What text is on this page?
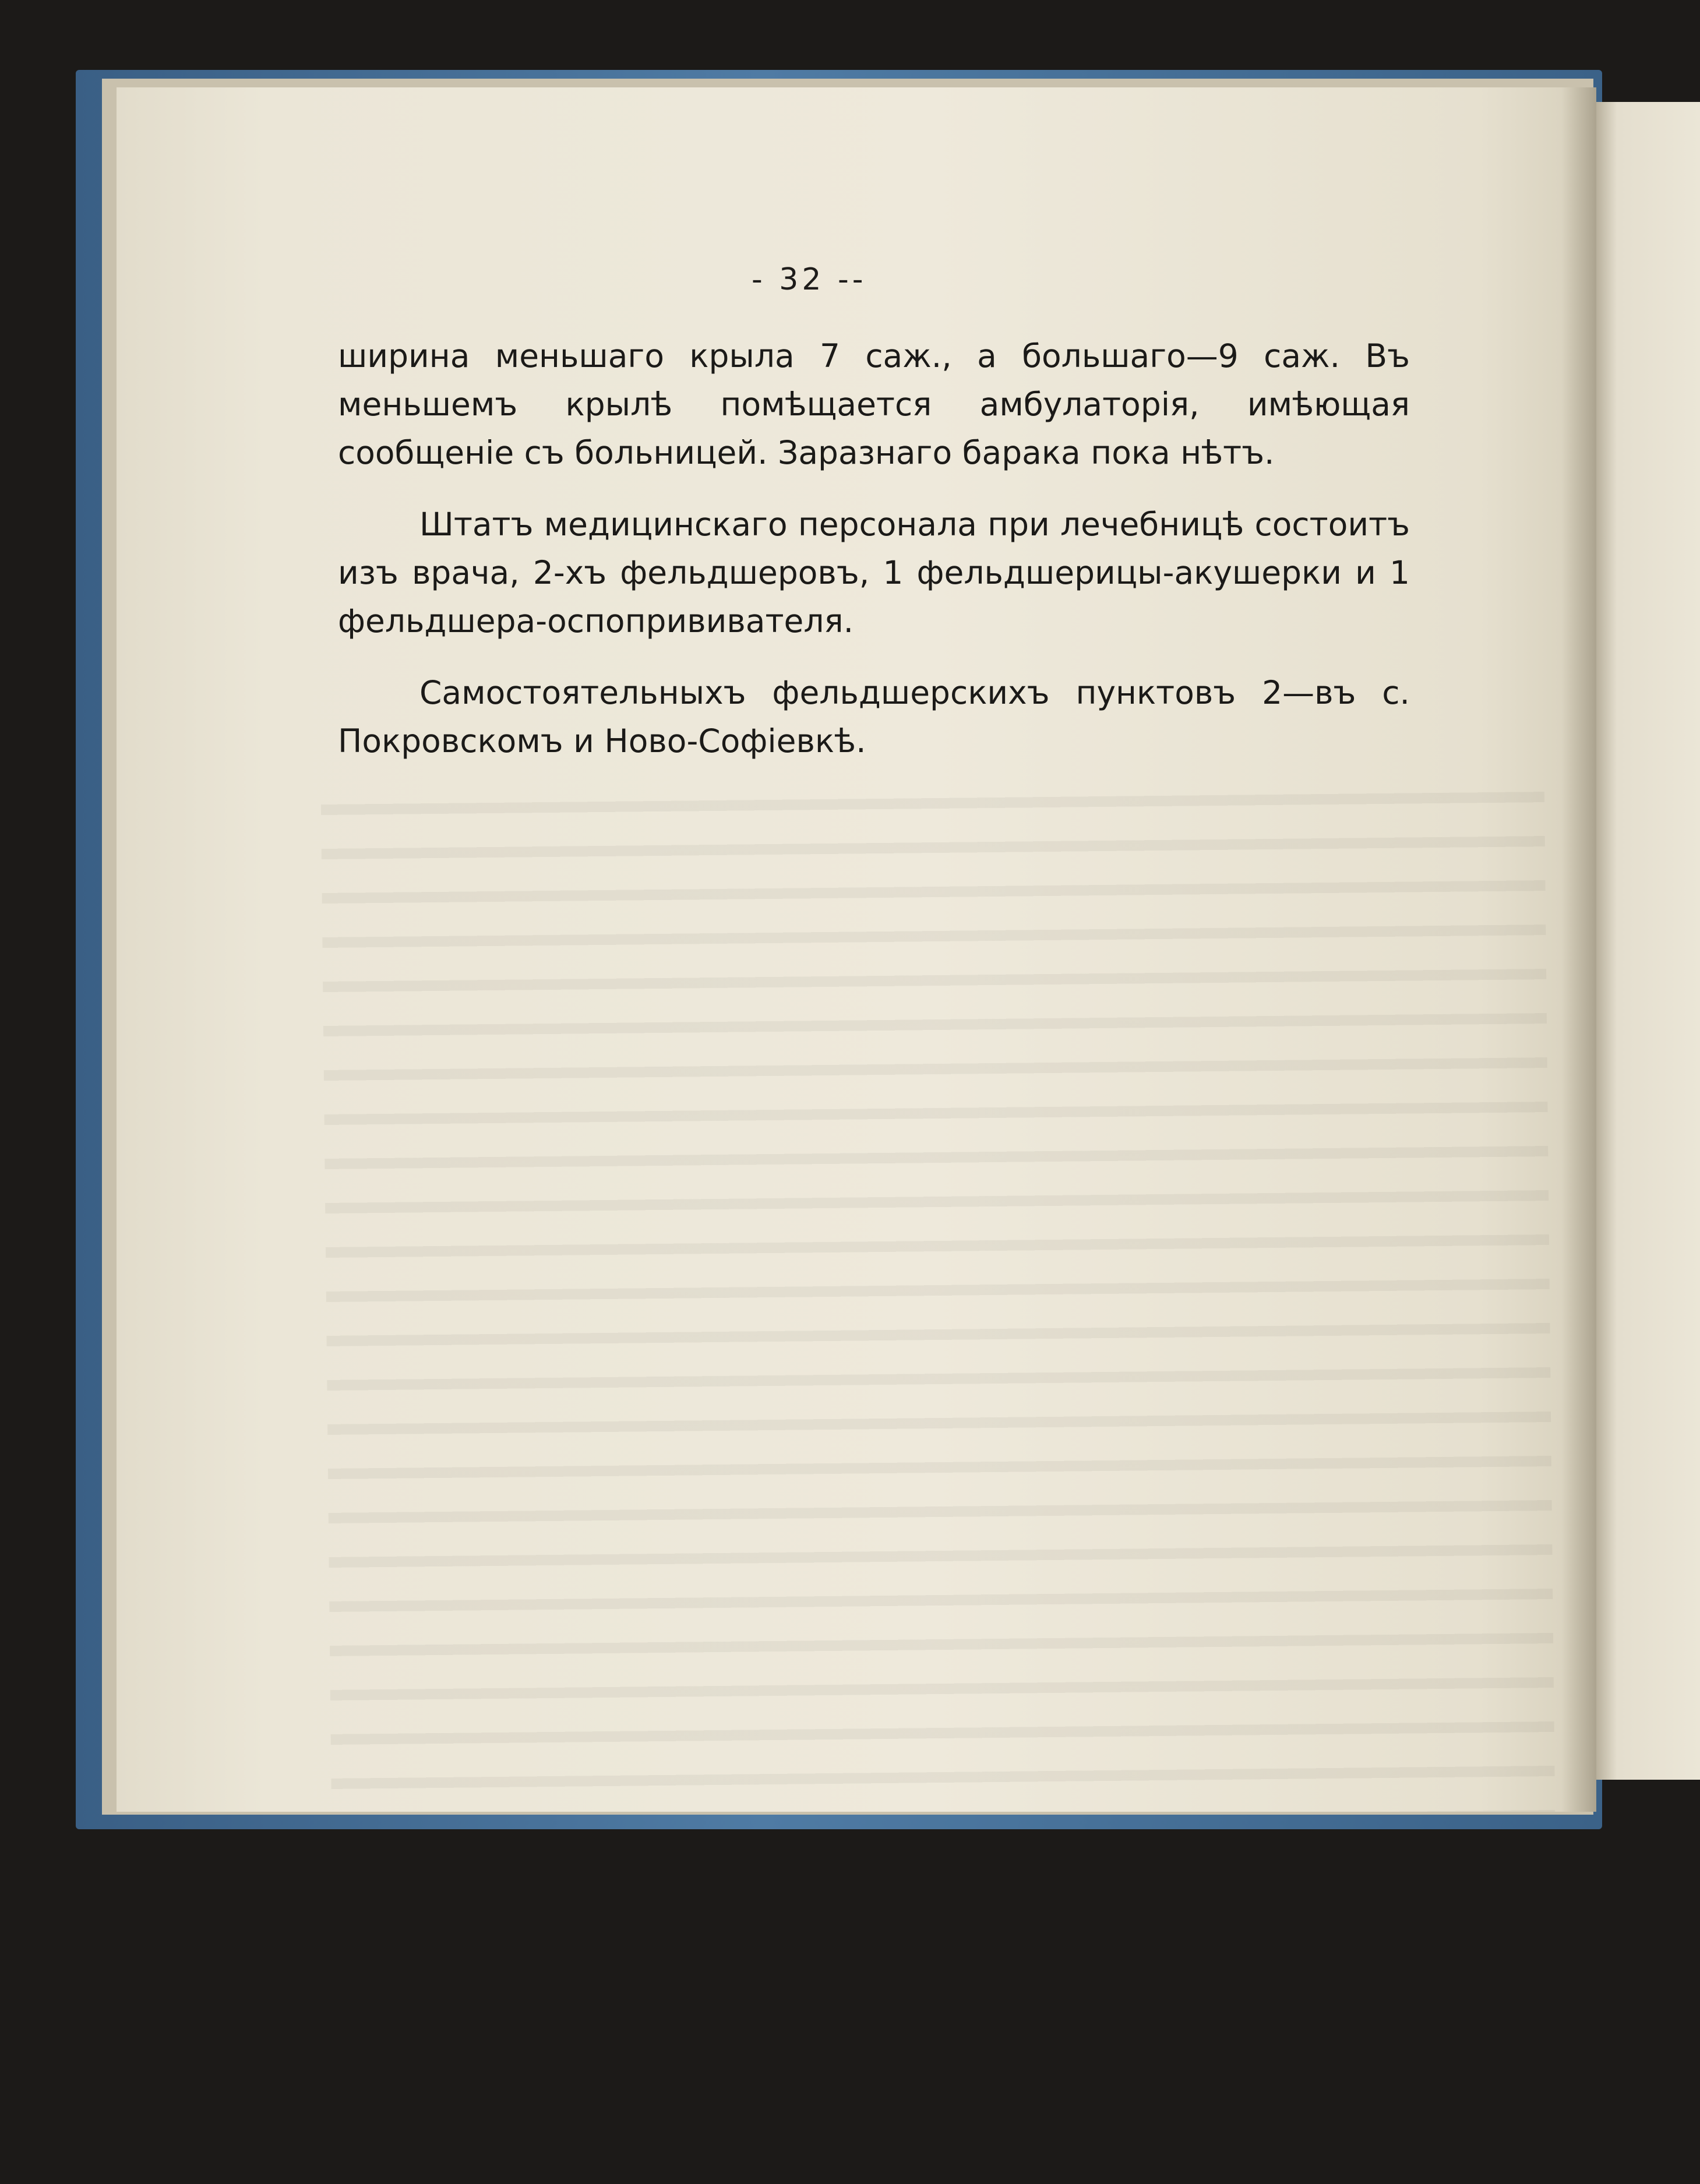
- 32 --

ширина меньшаго крыла 7 саж., а большаго—9 саж. Въ меньшемъ крылѣ помѣщается амбулаторія, имѣющая сообщеніе съ больницей. Заразнаго барака пока нѣтъ.

Штатъ медицинскаго персонала при лечебницѣ состоитъ изъ врача, 2-хъ фельдшеровъ, 1 фельдшерицы-акушерки и 1 фельдшера-оспопрививателя.

Самостоятельныхъ фельдшерскихъ пунктовъ 2—въ с. Покровскомъ и Ново-Софіевкѣ.
